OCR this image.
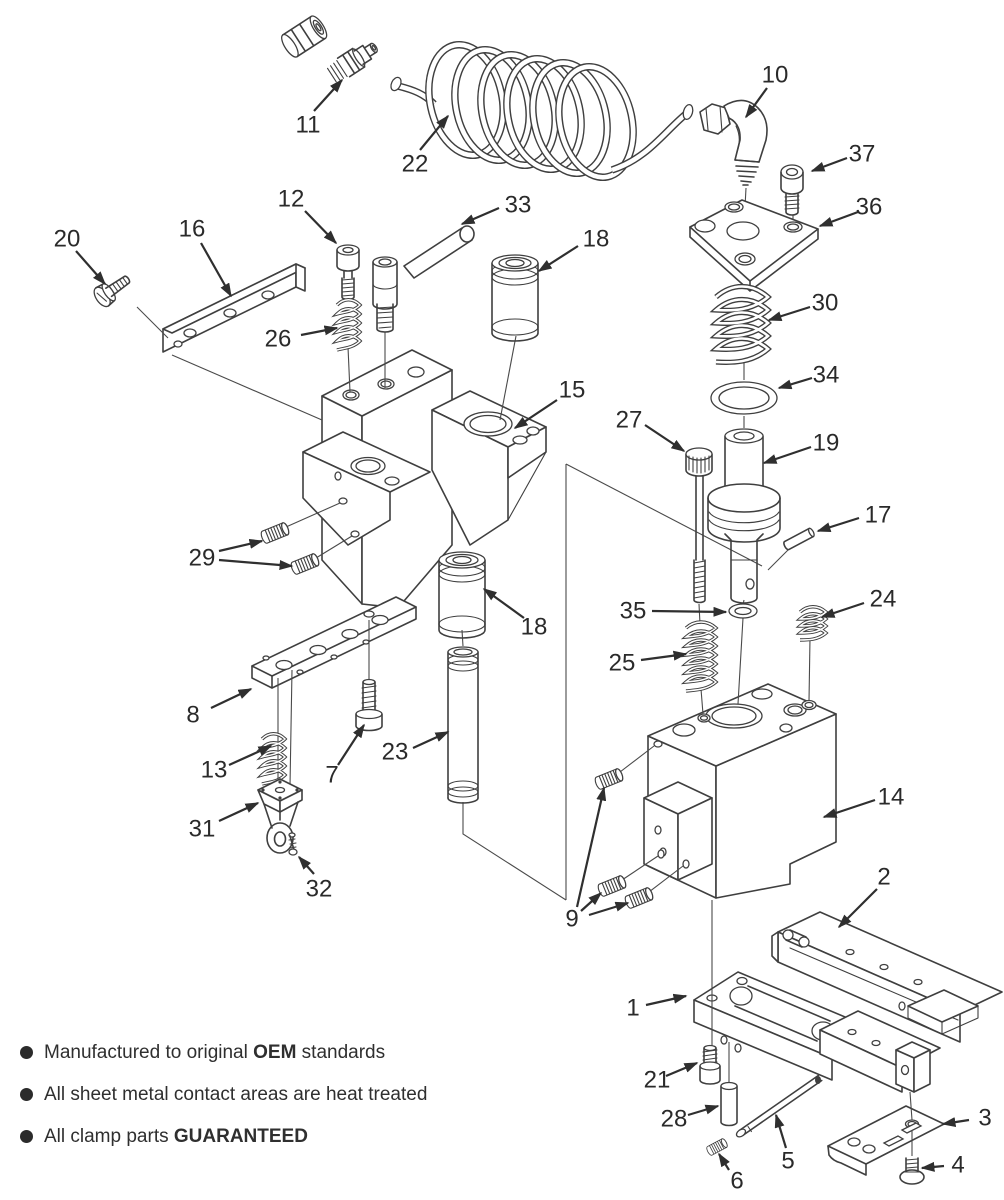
11
22
10
37
36
30
34
27
19
17
20	16
12	33
18
26
15
29
35
25
24
18
8
13	7
23
31
32
14
9
2
1
21
28
5
6
3
4
Manufactured to original OEM standards
All sheet metal contact areas are heat treated
All clamp parts GUARANTEED
